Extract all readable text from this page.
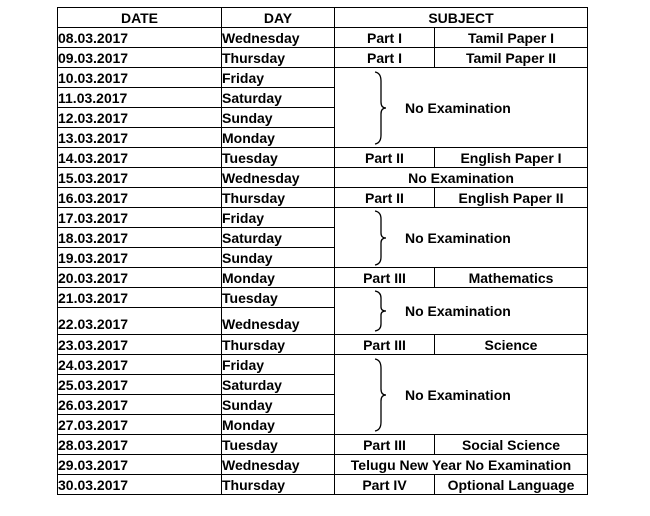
DATE	DAY	SUBJECT	
08.03.2017	Wednesday	Part I	Tamil Paper I
09.03.2017	Thursday	Part I	Tamil Paper II
10.03.2017	Friday	No Examination	

11.03.2017	Saturday		
12.03.2017	Sunday		
13.03.2017	Monday		
14.03.2017	Tuesday	Part II	English Paper I
15.03.2017	Wednesday	No Examination	
16.03.2017	Thursday	Part II	English Paper II
17.03.2017	Friday	No Examination	

18.03.2017	Saturday		
19.03.2017	Sunday		
20.03.2017	Monday	Part III	Mathematics
21.03.2017	Tuesday	No Examination	

22.03.2017	Wednesday		
23.03.2017	Thursday	Part III	Science
24.03.2017	Friday	No Examination	

25.03.2017	Saturday		
26.03.2017	Sunday		
27.03.2017	Monday		
28.03.2017	Tuesday	Part III	Social Science
29.03.2017	Wednesday	Telugu New Year No Examination	
30.03.2017	Thursday	Part IV	Optional Language
